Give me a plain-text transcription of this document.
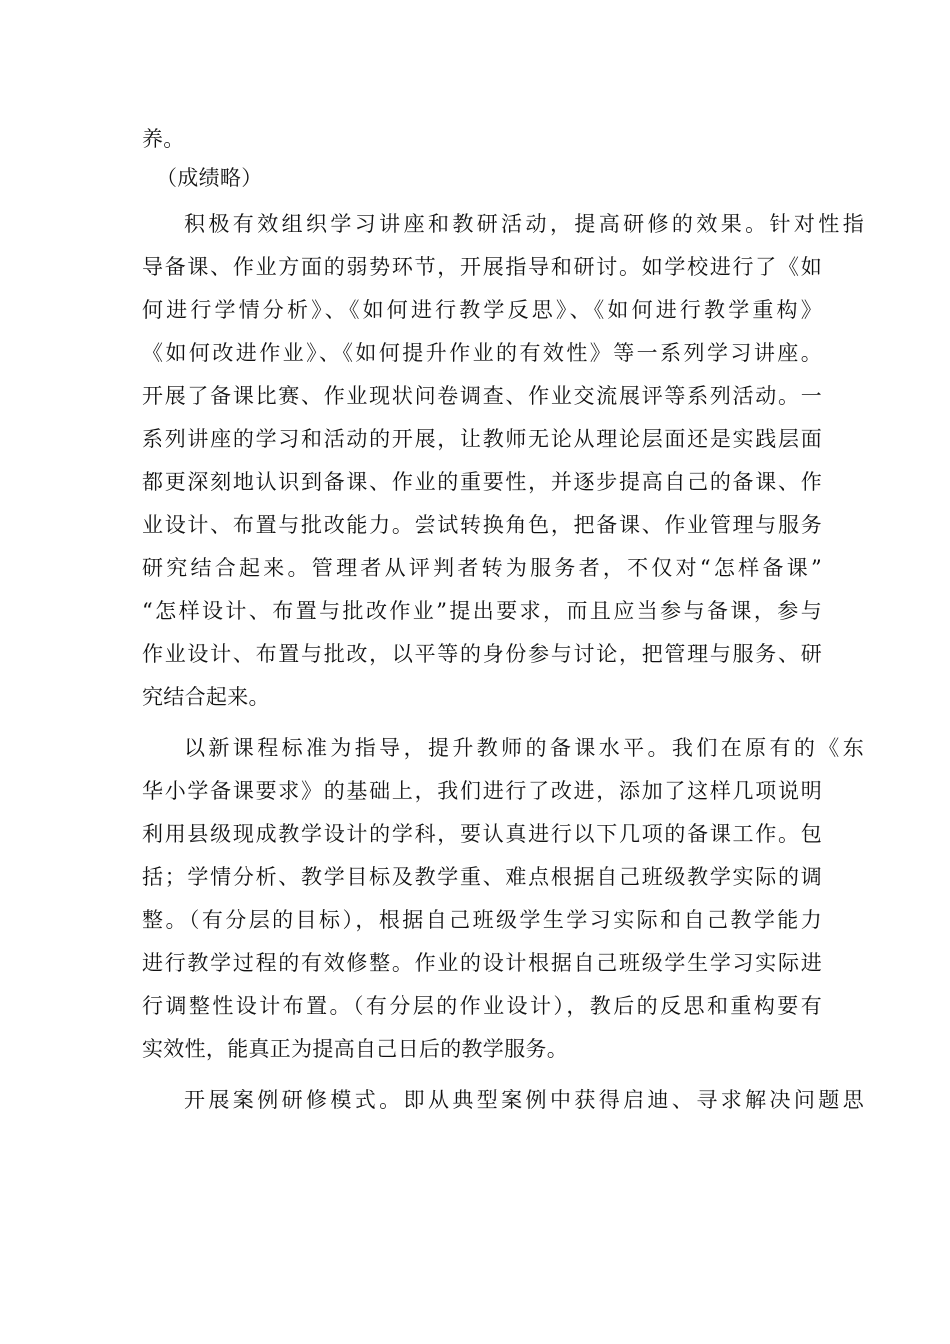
养。
（成绩略）
积极有效组织学习讲座和教研活动，提高研修的效果。针对性指
导备课、作业方面的弱势环节，开展指导和研讨。如学校进行了《如
何进行学情分析》、《如何进行教学反思》、《如何进行教学重构》
《如何改进作业》、《如何提升作业的有效性》等一系列学习讲座。
开展了备课比赛、作业现状问卷调查、作业交流展评等系列活动。一
系列讲座的学习和活动的开展，让教师无论从理论层面还是实践层面
都更深刻地认识到备课、作业的重要性，并逐步提高自己的备课、作
业设计、布置与批改能力。尝试转换角色，把备课、作业管理与服务
研究结合起来。管理者从评判者转为服务者，不仅对“怎样备课”
“怎样设计、布置与批改作业”提出要求，而且应当参与备课，参与
作业设计、布置与批改，以平等的身份参与讨论，把管理与服务、研
究结合起来。
以新课程标准为指导，提升教师的备课水平。我们在原有的《东
华小学备课要求》的基础上，我们进行了改进，添加了这样几项说明
利用县级现成教学设计的学科，要认真进行以下几项的备课工作。包
括；学情分析、教学目标及教学重、难点根据自己班级教学实际的调
整。（有分层的目标），根据自己班级学生学习实际和自己教学能力
进行教学过程的有效修整。作业的设计根据自己班级学生学习实际进
行调整性设计布置。（有分层的作业设计），教后的反思和重构要有
实效性，能真正为提高自己日后的教学服务。
开展案例研修模式。即从典型案例中获得启迪、寻求解决问题思
